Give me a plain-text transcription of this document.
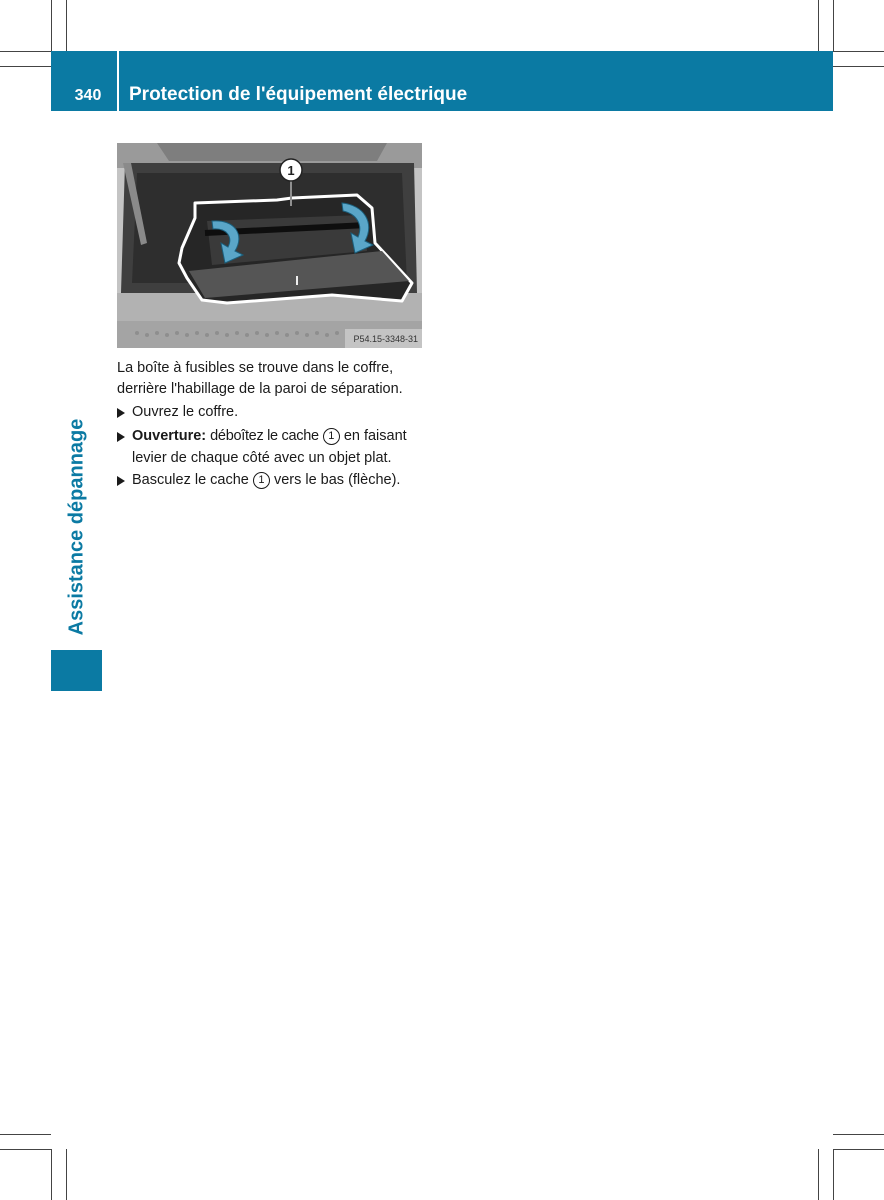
340	Protection de l'équipement électrique
Assistance dépannage
1
P54.15-3348-31
La boîte à fusibles se trouve dans le coffre,
derrière l'habillage de la paroi de séparation.
Ouvrez le coffre.
Ouverture: déboîtez le cache 1 en faisant
levier de chaque côté avec un objet plat.
Basculez le cache 1 vers le bas (flèche).
